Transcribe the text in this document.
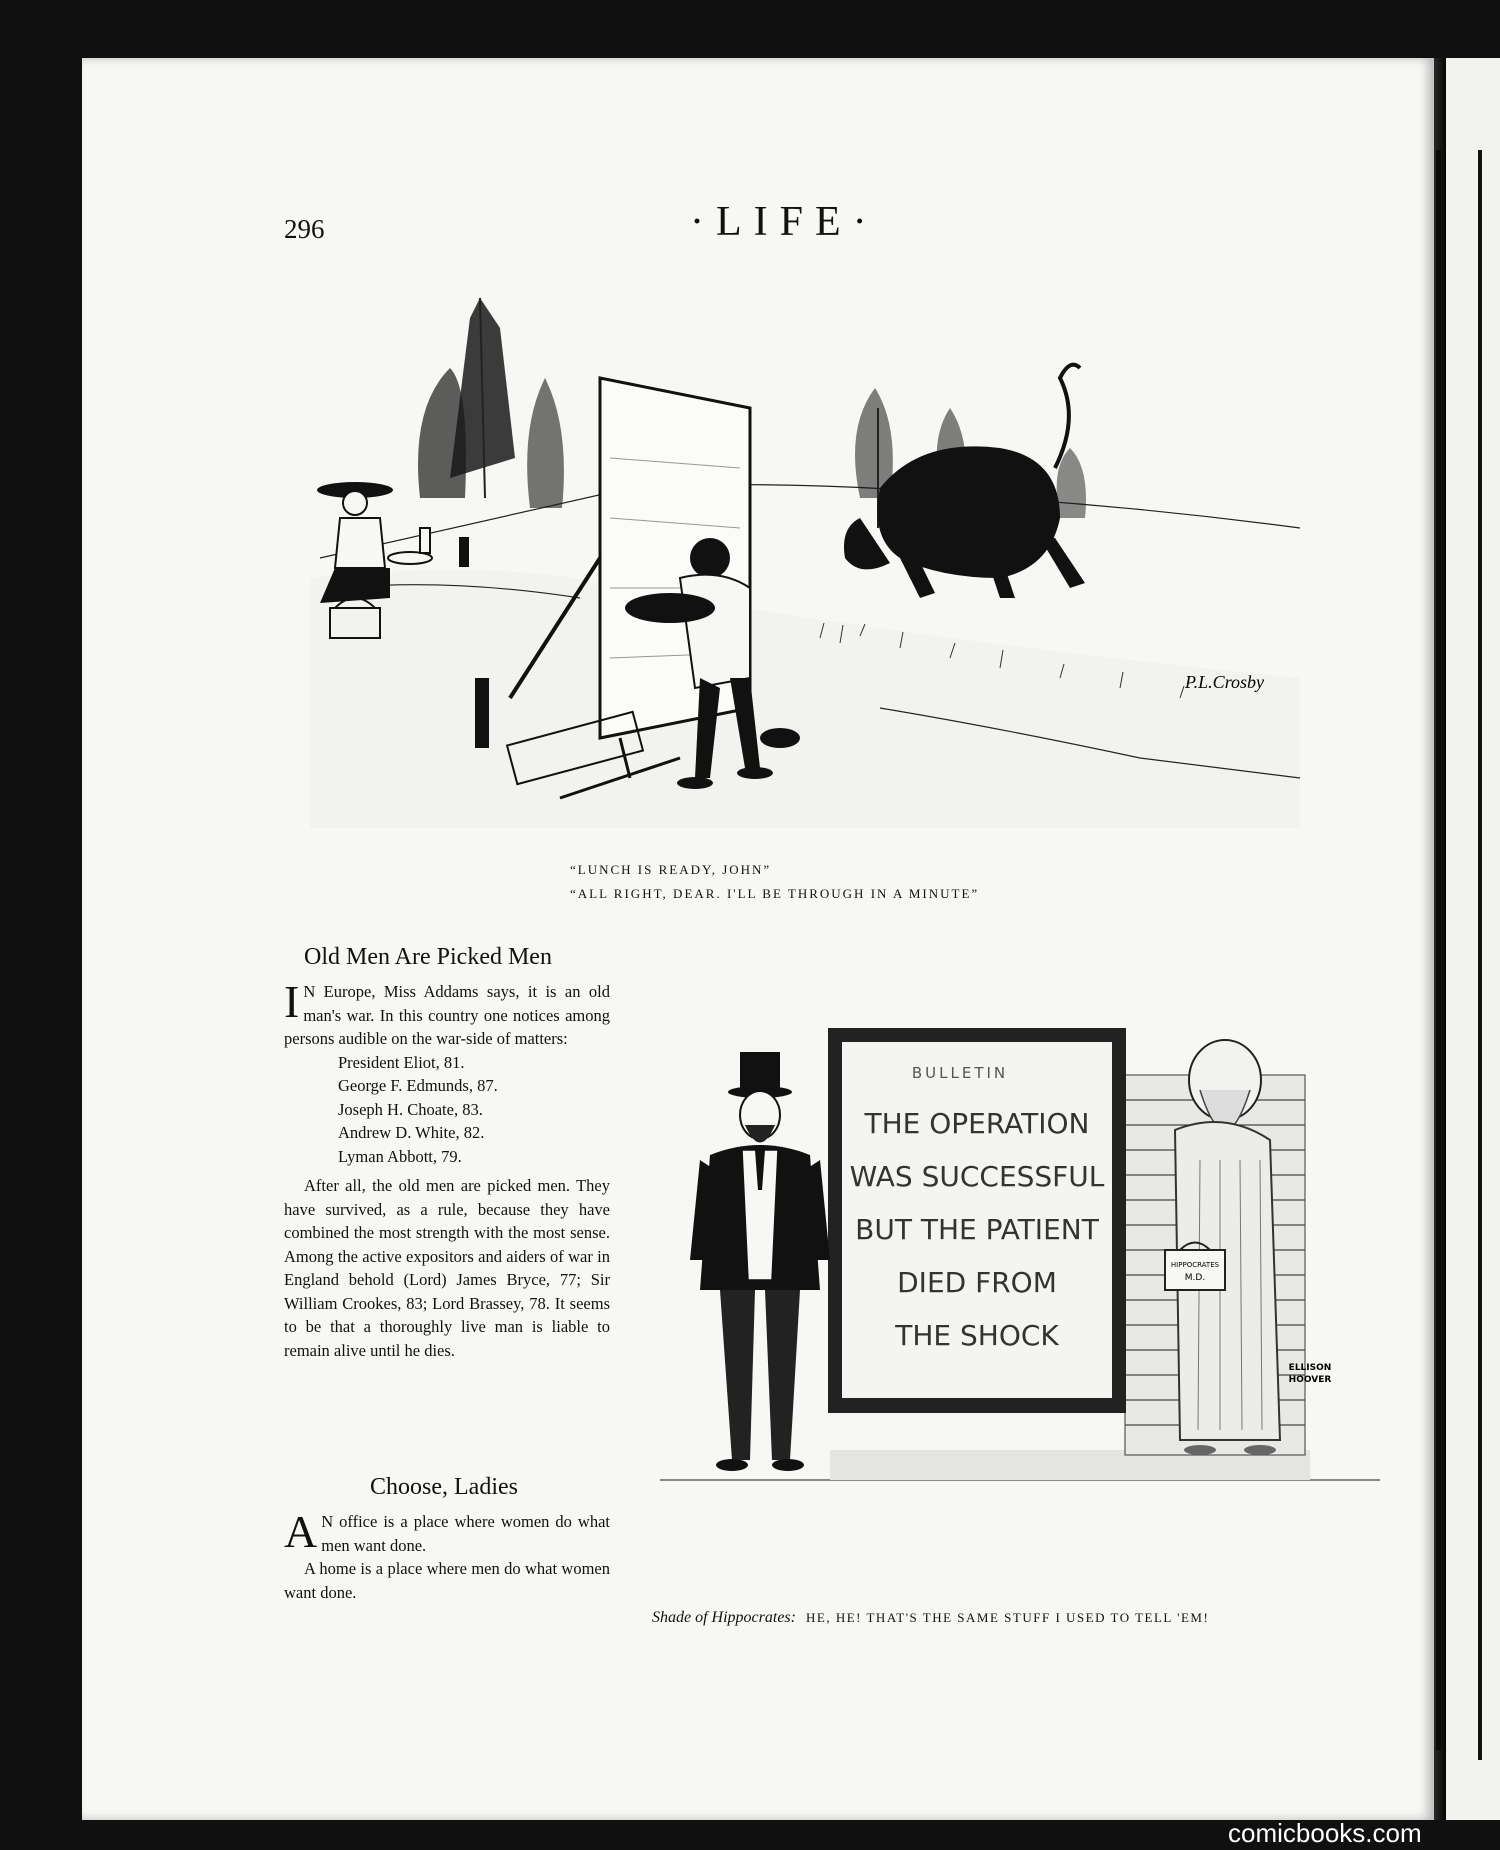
296	·LIFE·
P.L.Crosby
“LUNCH IS READY, JOHN”
“ALL RIGHT, DEAR. I'LL BE THROUGH IN A MINUTE”
Old Men Are Picked Men

I N Europe, Miss Addams says, it is an old man's war. In this country one notices among persons audible on the war-side of matters:

President Eliot, 81.
George F. Edmunds, 87.
Joseph H. Choate, 83.
Andrew D. White, 82.
Lyman Abbott, 79.

After all, the old men are picked men. They have survived, as a rule, because they have combined the most strength with the most sense. Among the active expositors and aiders of war in England behold (Lord) James Bryce, 77; Sir William Crookes, 83; Lord Brassey, 78. It seems to be that a thoroughly live man is liable to remain alive until he dies.

Choose, Ladies

A N office is a place where women do what men want done.

A home is a place where men do what women want done.

BULLETIN
THE OPERATION
WAS SUCCESSFUL
BUT THE PATIENT
DIED FROM
THE SHOCK
HIPPOCRATES
M.D.
ELLISON
HOOVER
Shade of Hippocrates: HE, HE! THAT'S THE SAME STUFF I USED TO TELL 'EM!
comicbooks.com
